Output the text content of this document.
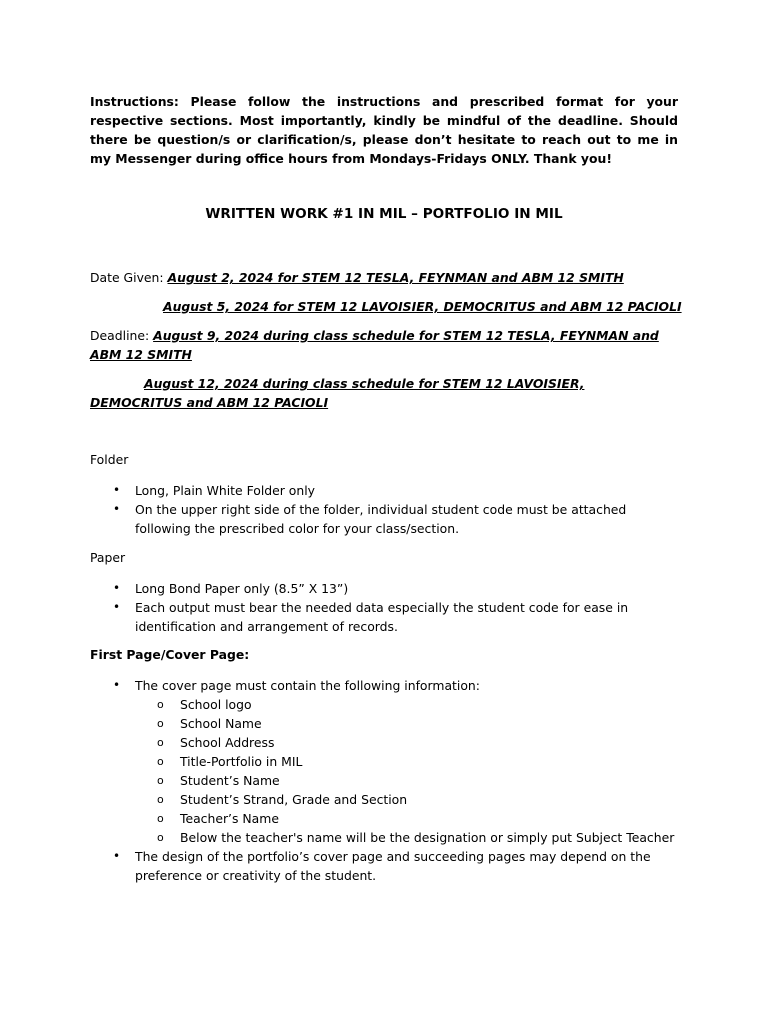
Instructions: Please follow the instructions and prescribed format for your respective sections. Most importantly, kindly be mindful of the deadline. Should there be question/s or clarification/s, please don’t hesitate to reach out to me in my Messenger during office hours from Mondays-Fridays ONLY. Thank you!
WRITTEN WORK #1 IN MIL – PORTFOLIO IN MIL
Date Given: August 2, 2024 for STEM 12 TESLA, FEYNMAN and ABM 12 SMITH
August 5, 2024 for STEM 12 LAVOISIER, DEMOCRITUS and ABM 12 PACIOLI
Deadline: August 9, 2024 during class schedule for STEM 12 TESLA, FEYNMAN and ABM 12 SMITH
August 12, 2024 during class schedule for STEM 12 LAVOISIER, DEMOCRITUS and ABM 12 PACIOLI
Folder
• Long, Plain White Folder only
• On the upper right side of the folder, individual student code must be attached following the prescribed color for your class/section.
Paper
• Long Bond Paper only (8.5” X 13”)
• Each output must bear the needed data especially the student code for ease in identification and arrangement of records.
First Page/Cover Page:
• The cover page must contain the following information:
o School logo
o School Name
o School Address
o Title-Portfolio in MIL
o Student’s Name
o Student’s Strand, Grade and Section
o Teacher’s Name
o Below the teacher's name will be the designation or simply put Subject Teacher
• The design of the portfolio’s cover page and succeeding pages may depend on the preference or creativity of the student.
